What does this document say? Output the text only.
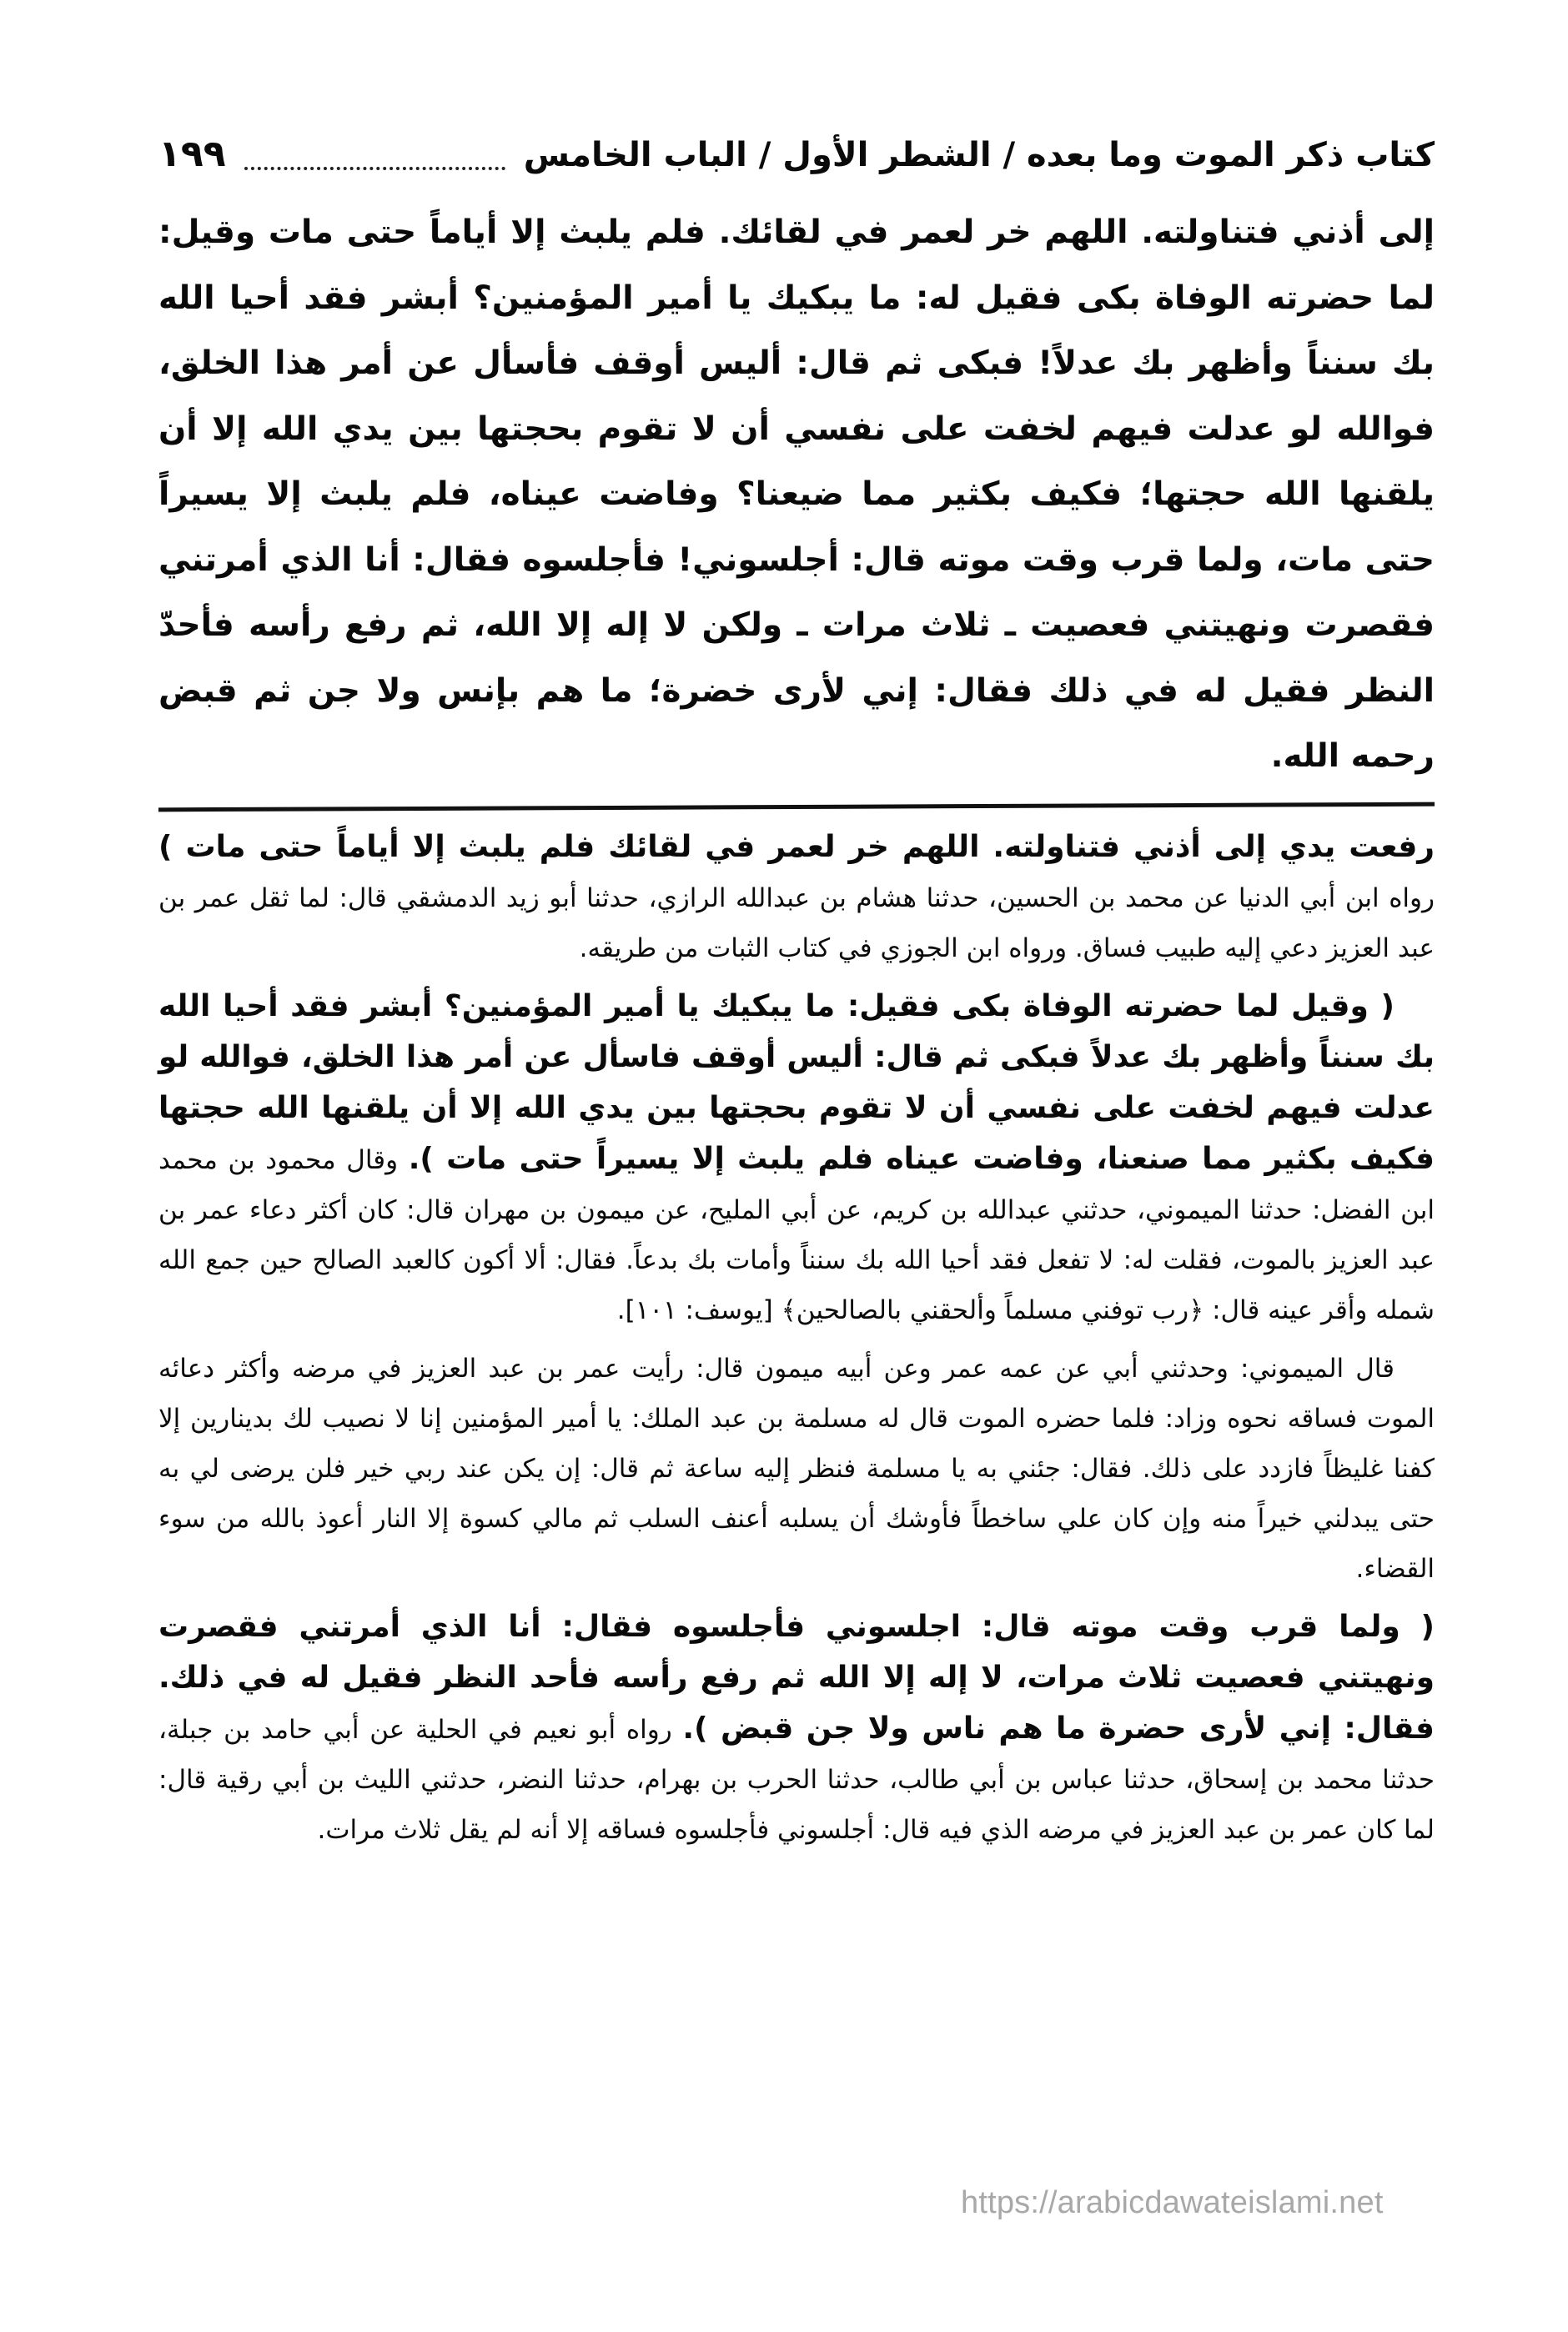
كتاب ذكر الموت وما بعده / الشطر الأول / الباب الخامس
١٩٩

إلى أذني فتناولته. اللهم خر لعمر في لقائك. فلم يلبث إلا أياماً حتى مات وقيل: لما حضرته الوفاة بكى فقيل له: ما يبكيك يا أمير المؤمنين؟ أبشر فقد أحيا الله بك سنناً وأظهر بك عدلاً! فبكى ثم قال: أليس أوقف فأسأل عن أمر هذا الخلق، فوالله لو عدلت فيهم لخفت على نفسي أن لا تقوم بحجتها بين يدي الله إلا أن يلقنها الله حجتها؛ فكيف بكثير مما ضيعنا؟ وفاضت عيناه، فلم يلبث إلا يسيراً حتى مات، ولما قرب وقت موته قال: أجلسوني! فأجلسوه فقال: أنا الذي أمرتني فقصرت ونهيتني فعصيت ـ ثلاث مرات ـ ولكن لا إله إلا الله، ثم رفع رأسه فأحدّ النظر فقيل له في ذلك فقال: إني لأرى خضرة؛ ما هم بإنس ولا جن ثم قبض رحمه الله.

رفعت يدي إلى أذني فتناولته. اللهم خر لعمر في لقائك فلم يلبث إلا أياماً حتى مات ) رواه ابن أبي الدنيا عن محمد بن الحسين، حدثنا هشام بن عبدالله الرازي، حدثنا أبو زيد الدمشقي قال: لما ثقل عمر بن عبد العزيز دعي إليه طبيب فساق. ورواه ابن الجوزي في كتاب الثبات من طريقه.

( وقيل لما حضرته الوفاة بكى فقيل: ما يبكيك يا أمير المؤمنين؟ أبشر فقد أحيا الله بك سنناً وأظهر بك عدلاً فبكى ثم قال: أليس أوقف فاسأل عن أمر هذا الخلق، فوالله لو عدلت فيهم لخفت على نفسي أن لا تقوم بحجتها بين يدي الله إلا أن يلقنها الله حجتها فكيف بكثير مما صنعنا، وفاضت عيناه فلم يلبث إلا يسيراً حتى مات ). وقال محمود بن محمد ابن الفضل: حدثنا الميموني، حدثني عبدالله بن كريم، عن أبي المليح، عن ميمون بن مهران قال: كان أكثر دعاء عمر بن عبد العزيز بالموت، فقلت له: لا تفعل فقد أحيا الله بك سنناً وأمات بك بدعاً. فقال: ألا أكون كالعبد الصالح حين جمع الله شمله وأقر عينه قال: ﴿رب توفني مسلماً وألحقني بالصالحين﴾ [يوسف: ١٠١].

قال الميموني: وحدثني أبي عن عمه عمر وعن أبيه ميمون قال: رأيت عمر بن عبد العزيز في مرضه وأكثر دعائه الموت فساقه نحوه وزاد: فلما حضره الموت قال له مسلمة بن عبد الملك: يا أمير المؤمنين إنا لا نصيب لك بدينارين إلا كفنا غليظاً فازدد على ذلك. فقال: جئني به يا مسلمة فنظر إليه ساعة ثم قال: إن يكن عند ربي خير فلن يرضى لي به حتى يبدلني خيراً منه وإن كان علي ساخطاً فأوشك أن يسلبه أعنف السلب ثم مالي كسوة إلا النار أعوذ بالله من سوء القضاء.

( ولما قرب وقت موته قال: اجلسوني فأجلسوه فقال: أنا الذي أمرتني فقصرت ونهيتني فعصيت ثلاث مرات، لا إله إلا الله ثم رفع رأسه فأحد النظر فقيل له في ذلك. فقال: إني لأرى حضرة ما هم ناس ولا جن قبض ). رواه أبو نعيم في الحلية عن أبي حامد بن جبلة، حدثنا محمد بن إسحاق، حدثنا عباس بن أبي طالب، حدثنا الحرب بن بهرام، حدثنا النضر، حدثني الليث بن أبي رقية قال: لما كان عمر بن عبد العزيز في مرضه الذي فيه قال: أجلسوني فأجلسوه فساقه إلا أنه لم يقل ثلاث مرات.

https://arabicdawateislami.net
